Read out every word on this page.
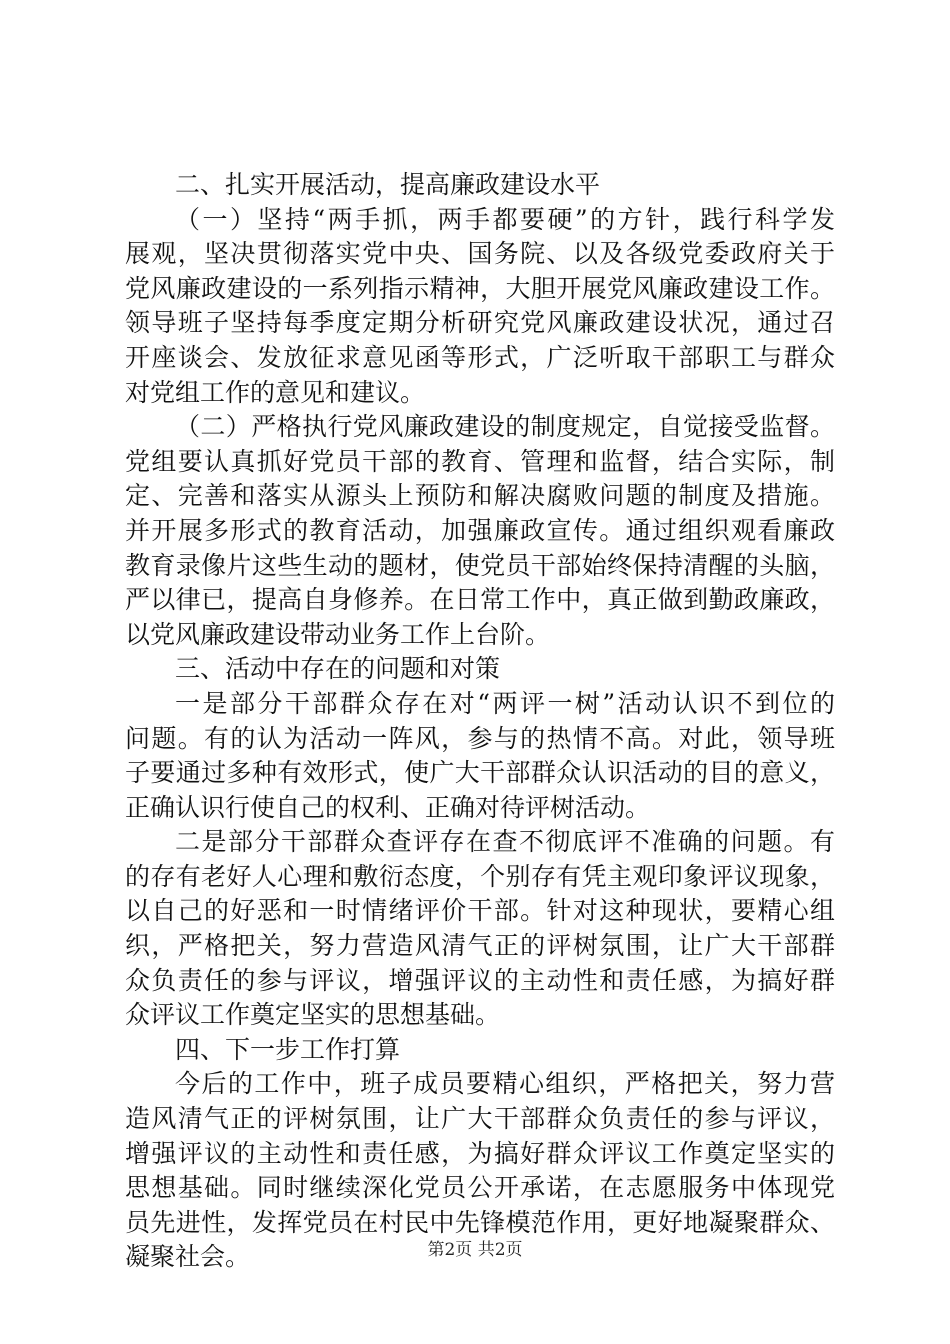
二、扎实开展活动，提高廉政建设水平
（一）坚持“两手抓，两手都要硬”的方针，践行科学发
展观，坚决贯彻落实党中央、国务院、以及各级党委政府关于
党风廉政建设的一系列指示精神，大胆开展党风廉政建设工作。
领导班子坚持每季度定期分析研究党风廉政建设状况，通过召
开座谈会、发放征求意见函等形式，广泛听取干部职工与群众
对党组工作的意见和建议。
（二）严格执行党风廉政建设的制度规定，自觉接受监督。
党组要认真抓好党员干部的教育、管理和监督，结合实际，制
定、完善和落实从源头上预防和解决腐败问题的制度及措施。
并开展多形式的教育活动，加强廉政宣传。通过组织观看廉政
教育录像片这些生动的题材，使党员干部始终保持清醒的头脑，
严以律已，提高自身修养。在日常工作中，真正做到勤政廉政，
以党风廉政建设带动业务工作上台阶。
三、活动中存在的问题和对策
一是部分干部群众存在对“两评一树”活动认识不到位的
问题。有的认为活动一阵风，参与的热情不高。对此，领导班
子要通过多种有效形式，使广大干部群众认识活动的目的意义，
正确认识行使自己的权利、正确对待评树活动。
二是部分干部群众查评存在查不彻底评不准确的问题。有
的存有老好人心理和敷衍态度，个别存有凭主观印象评议现象，
以自己的好恶和一时情绪评价干部。针对这种现状，要精心组
织，严格把关，努力营造风清气正的评树氛围，让广大干部群
众负责任的参与评议，增强评议的主动性和责任感，为搞好群
众评议工作奠定坚实的思想基础。
四、下一步工作打算
今后的工作中，班子成员要精心组织，严格把关，努力营
造风清气正的评树氛围，让广大干部群众负责任的参与评议，
增强评议的主动性和责任感，为搞好群众评议工作奠定坚实的
思想基础。同时继续深化党员公开承诺，在志愿服务中体现党
员先进性，发挥党员在村民中先锋模范作用，更好地凝聚群众、
凝聚社会。	第2页 共2页
